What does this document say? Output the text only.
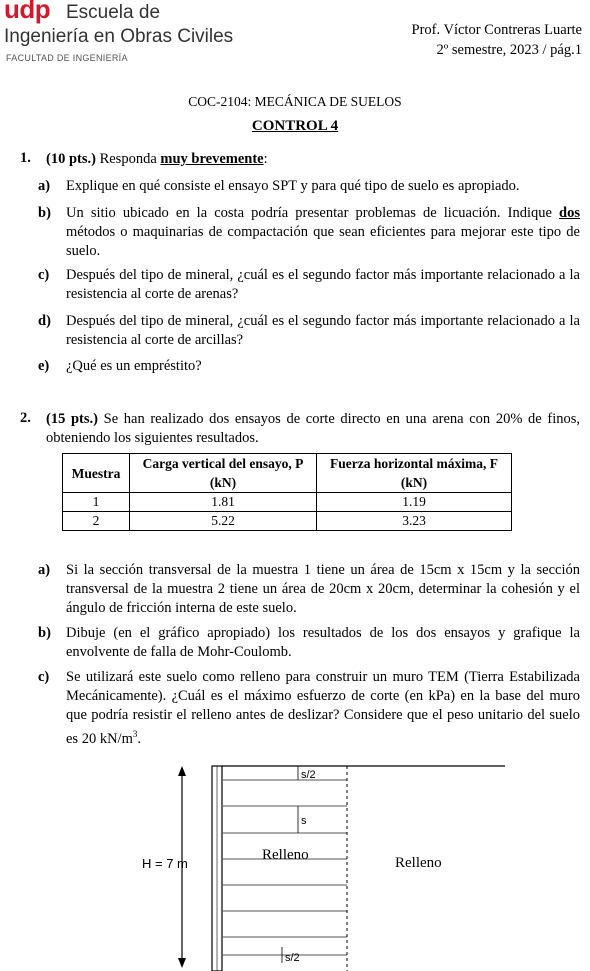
udp Escuela de
Ingeniería en Obras Civiles
FACULTAD DE INGENIERÍA
Prof. Víctor Contreras Luarte
2º semestre, 2023 / pág.1
COC-2104: MECÁNICA DE SUELOS
CONTROL 4
1. (10 pts.) Responda muy brevemente:
a) Explique en qué consiste el ensayo SPT y para qué tipo de suelo es apropiado.
b) Un sitio ubicado en la costa podría presentar problemas de licuación. Indique dos métodos o maquinarias de compactación que sean eficientes para mejorar este tipo de suelo.
c) Después del tipo de mineral, ¿cuál es el segundo factor más importante relacionado a la resistencia al corte de arenas?
d) Después del tipo de mineral, ¿cuál es el segundo factor más importante relacionado a la resistencia al corte de arcillas?
e) ¿Qué es un empréstito?
2. (15 pts.) Se han realizado dos ensayos de corte directo en una arena con 20% de finos, obteniendo los siguientes resultados.
Muestra	Carga vertical del ensayo, P (kN)	Fuerza horizontal máxima, F (kN)
1	1.81	1.19
2	5.22	3.23
a) Si la sección transversal de la muestra 1 tiene un área de 15cm x 15cm y la sección transversal de la muestra 2 tiene un área de 20cm x 20cm, determinar la cohesión y el ángulo de fricción interna de este suelo.
b) Dibuje (en el gráfico apropiado) los resultados de los dos ensayos y grafique la envolvente de falla de Mohr-Coulomb.
c) Se utilizará este suelo como relleno para construir un muro TEM (Tierra Estabilizada Mecánicamente). ¿Cuál es el máximo esfuerzo de corte (en kPa) en la base del muro que podría resistir el relleno antes de deslizar? Considere que el peso unitario del suelo es 20 $kN/m^3$.
H = 7 m
s/2
s
s/2
Relleno	Relleno
